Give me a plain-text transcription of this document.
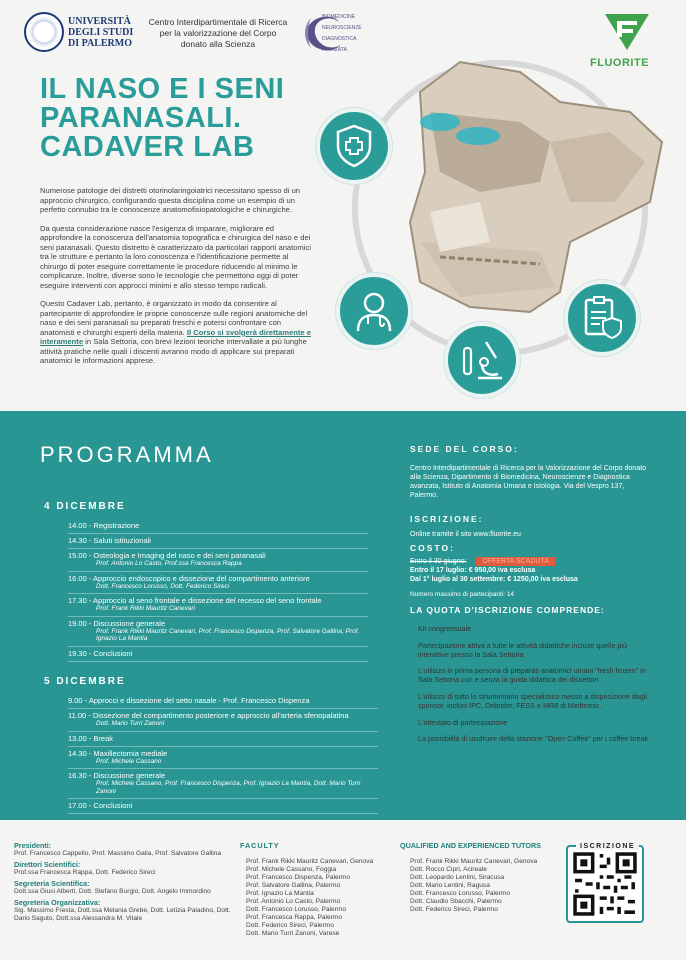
UNIVERSITÀ
DEGLI STUDI
DI PALERMO
Centro Interdipartimentale di Ricerca
per la valorizzazione del Corpo
donato alla Scienza
BIOMEDICINE
NEUROSCIENZE
DIAGNOSTICA
AVANZATA
FLUORITE
IL NASO E I SENI
PARANASALI.
CADAVER LAB

Numerose patologie dei distretti otorinolaringoiatrici necessitano spesso di un approccio chirurgico, configurando questa disciplina come un esempio di un perfetto connubio tra le conoscenze anatomofisiopatologiche e chirurgiche.

Da questa considerazione nasce l'esigenza di imparare, migliorare ed approfondire la conoscenza dell'anatomia topografica e chirurgica del naso e dei seni paranasali. Questo distretto è caratterizzato da particolari rapporti anatomici tra le strutture e pertanto la loro conoscenza e l'identificazione permette al chirurgo di poter eseguire correttamente le procedure riducendo al minimo le complicanze. Inoltre, diverse sono le tecnologie che permettono oggi di poter eseguire interventi con approcci minimi e allo stesso tempo radicali.

Questo Cadaver Lab, pertanto, è organizzato in modo da consentire al partecipante di approfondire le proprie conoscenze sulle regioni anatomiche del naso e dei seni paranasali su preparati freschi e potersi confrontare con anatomisti e chirurghi esperti della materia. Il Corso si svolgerà direttamente e interamente in Sala Settoria, con brevi lezioni teoriche intervallate a più lunghe attività pratiche nelle quali i discenti avranno modo di applicare sui preparati anatomici le informazioni apprese.

PROGRAMMA
4 DICEMBRE
14.00 - Registrazione
14.30 - Saluti istituzionali
15.00 - Osteologia e Imaging del naso e dei seni paranasali
Prof. Antonio Lo Casto, Prof.ssa Francesca Rappa
16.00 - Approccio endoscopico e dissezione del compartimento anteriore
Dott. Francesco Lorusso, Dott. Federico Sireci
17.30 - Approccio al seno frontale e dissezione del recesso del seno frontale
Prof. Frank Rikki Mauritz Canevari
19.00 - Discussione generale
Prof. Frank Rikki Mauritz Canevari, Prof. Francesco Dispenza, Prof. Salvatore Gallina, Prof. Ignazio La Mantia
19.30 - Conclusioni
5 DICEMBRE
9.00 - Approcci e dissezione del setto nasale - Prof. Francesco Dispenza
11.00 - Dissezione del compartimento posteriore e approccio all'arteria sfenopalatina
Dott. Mario Turri Zanoni
13.00 - Break
14.30 - Maxillectomia mediale
Prof. Michele Cassano
16.30 - Discussione generale
Prof. Michele Cassano, Prof. Francesco Dispenza, Prof. Ignazio La Mantia, Dott. Mario Turri Zanoni
17.00 - Conclusioni
SEDE DEL CORSO:
Centro Interdipartimentale di Ricerca per la Valorizzazione del Corpo donato alla Scienza, Dipartimento di Biomedicina, Neuroscienze e Diagnostica avanzata, Istituto di Anatomia Umana e Istologia. Via del Vespro 137, Palermo.
ISCRIZIONE:
Online tramite il sito www.fluorite.eu
COSTO:
Entro il 30 giugno: OFFERTA SCADUTA
Entro il 17 luglio: € 950,00 iva esclusa
Dal 1° luglio al 30 settembre: € 1250,00 iva esclusa
Numero massimo di partecipanti: 14
LA QUOTA D'ISCRIZIONE COMPRENDE:
Kit congressuale
Partecipazione attiva a tutte le attività didattiche incluse quelle più interattive presso la Sala Settoria
L'utilizzo in prima persona di preparati anatomici umani "fresh frozen" in Sala Settoria con e senza la guida didattica dei dissettori
L'utilizzo di tutto lo strumentario specialistico messo a disposizione dagli sponsor, inclusi IPC, Debrider, FESS e MR8 di Medtronic.
L'attestato di partecipazione
La possibilità di usufruire della stazione "Open Coffee" per i coffee break
Presidenti:
Prof. Francesco Cappello, Prof. Massimo Galia, Prof. Salvatore Gallina
Direttori Scientifici:
Prof.ssa Francesca Rappa, Dott. Federico Sireci
Segreteria Scientifica:
Dott.ssa Giusi Alberti, Dott. Stefano Burgio, Dott. Angelo Immordino
Segreteria Organizzativa:
Sig. Massimo Fresta, Dott.ssa Melania Grebe, Dott. Letizia Paladino, Dott. Dario Saguto, Dott.ssa Alessandra M. Vitale
FACULTY
Prof. Frank Rikki Mauritz Canevari, Genova
Prof. Michele Cassano, Foggia
Prof. Francesco Dispenza, Palermo
Prof. Salvatore Gallina, Palermo
Prof. Ignazio La Mantia
Prof. Antonio Lo Casto, Palermo
Dott. Francesco Lorusso, Palermo
Prof. Francesca Rappa, Palermo
Dott. Federico Sireci, Palermo
Dott. Mario Turri Zanoni, Varese
QUALIFIED AND EXPERIENCED TUTORS
Prof. Frank Rikki Mauritz Canevari, Genova
Dott. Rocco Cipri, Acireale
Dott. Leopardo Lentini, Siracusa
Dott. Mario Lentini, Ragusa
Dott. Francesco Lorusso, Palermo
Dott. Claudio Sbacchi, Palermo
Dott. Federico Sireci, Palermo
ISCRIZIONE
